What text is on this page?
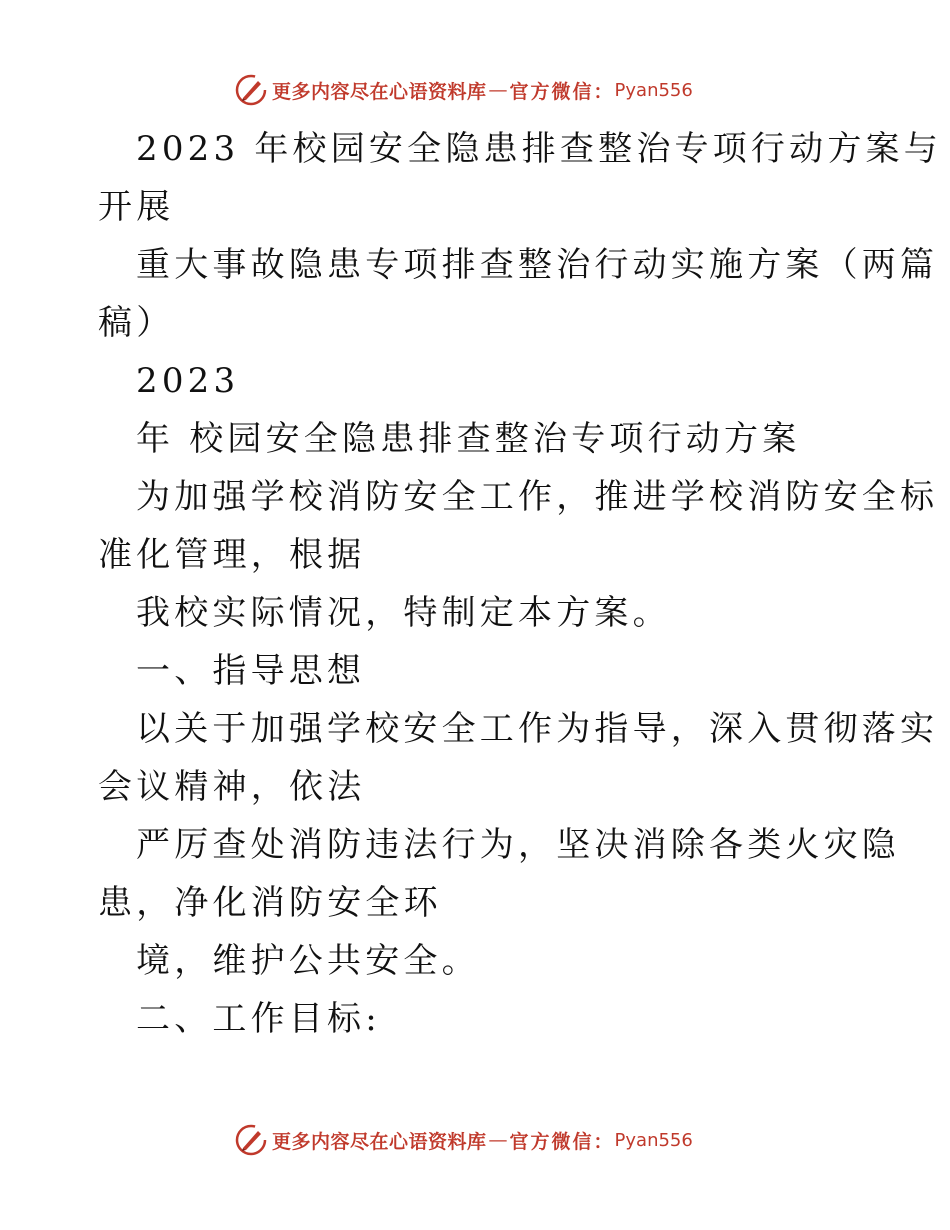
更多内容尽在心语资料库 — 官方微信： Pyan556

2023 年校园安全隐患排查整治专项行动方案与

开展

重大事故隐患专项排查整治行动实施方案（两篇

稿）

2023

年 校园安全隐患排查整治专项行动方案

为加强学校消防安全工作，推进学校消防安全标

准化管理，根据

我校实际情况，特制定本方案。

一、指导思想

以关于加强学校安全工作为指导，深入贯彻落实

会议精神，依法

严厉查处消防违法行为，坚决消除各类火灾隐

患，净化消防安全环

境，维护公共安全。

二、工作目标:

更多内容尽在心语资料库 — 官方微信： Pyan556
